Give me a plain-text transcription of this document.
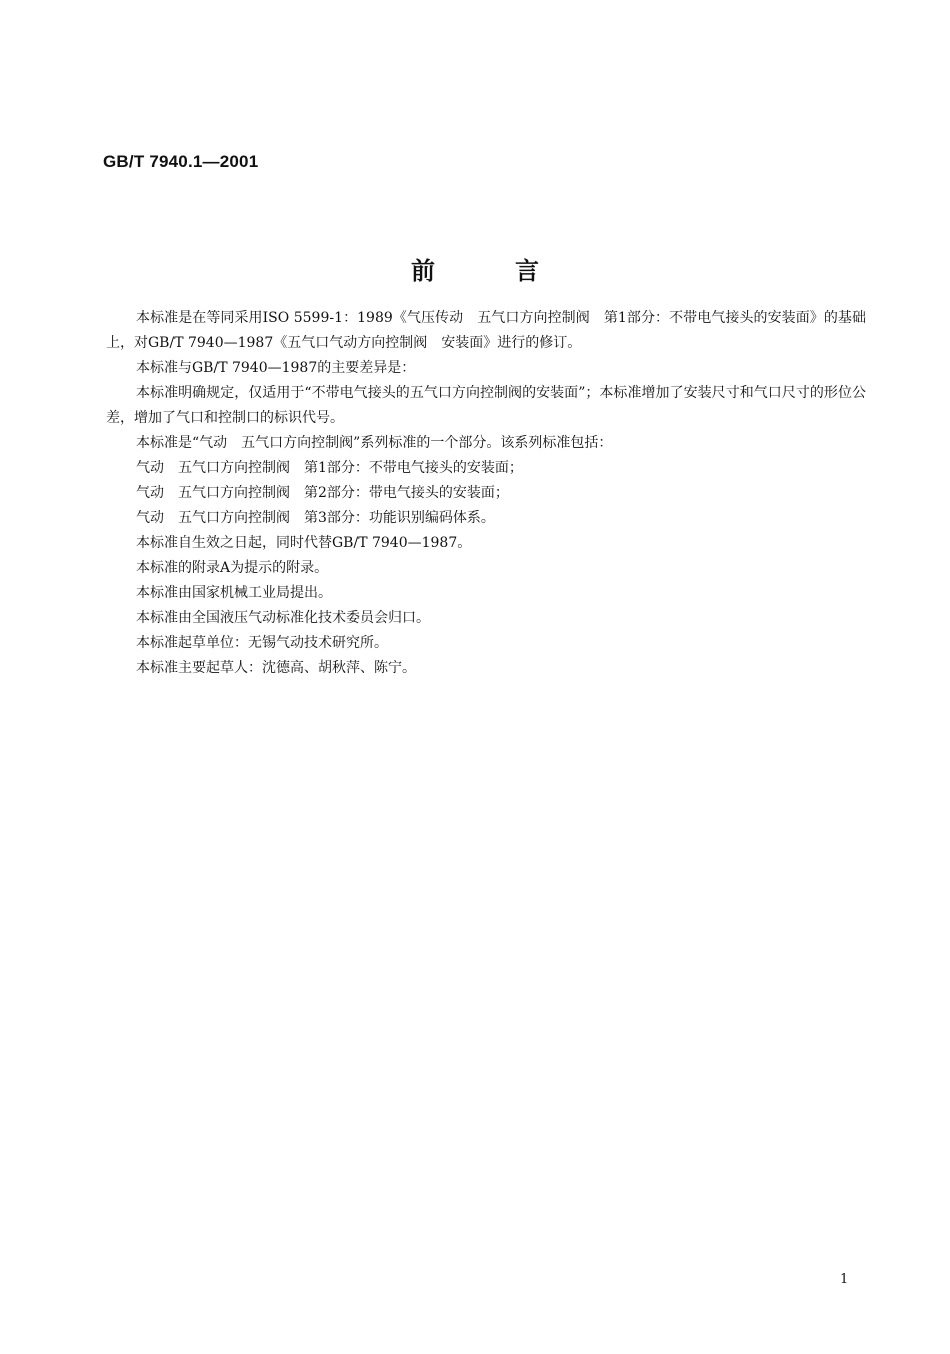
GB/T 7940.1—2001
前	言

本标准是在等同采用ISO 5599-1：1989《气压传动　五气口方向控制阀　第1部分：不带电气接头的安装面》的基础上，对GB/T 7940—1987《五气口气动方向控制阀　安装面》进行的修订。

本标准与GB/T 7940—1987的主要差异是：

本标准明确规定，仅适用于“不带电气接头的五气口方向控制阀的安装面”；本标准增加了安装尺寸和气口尺寸的形位公差，增加了气口和控制口的标识代号。

本标准是“气动　五气口方向控制阀”系列标准的一个部分。该系列标准包括：

气动　五气口方向控制阀　第1部分：不带电气接头的安装面；

气动　五气口方向控制阀　第2部分：带电气接头的安装面；

气动　五气口方向控制阀　第3部分：功能识别编码体系。

本标准自生效之日起，同时代替GB/T 7940—1987。

本标准的附录A为提示的附录。

本标准由国家机械工业局提出。

本标准由全国液压气动标准化技术委员会归口。

本标准起草单位：无锡气动技术研究所。

本标准主要起草人：沈德高、胡秋萍、陈宁。

1
